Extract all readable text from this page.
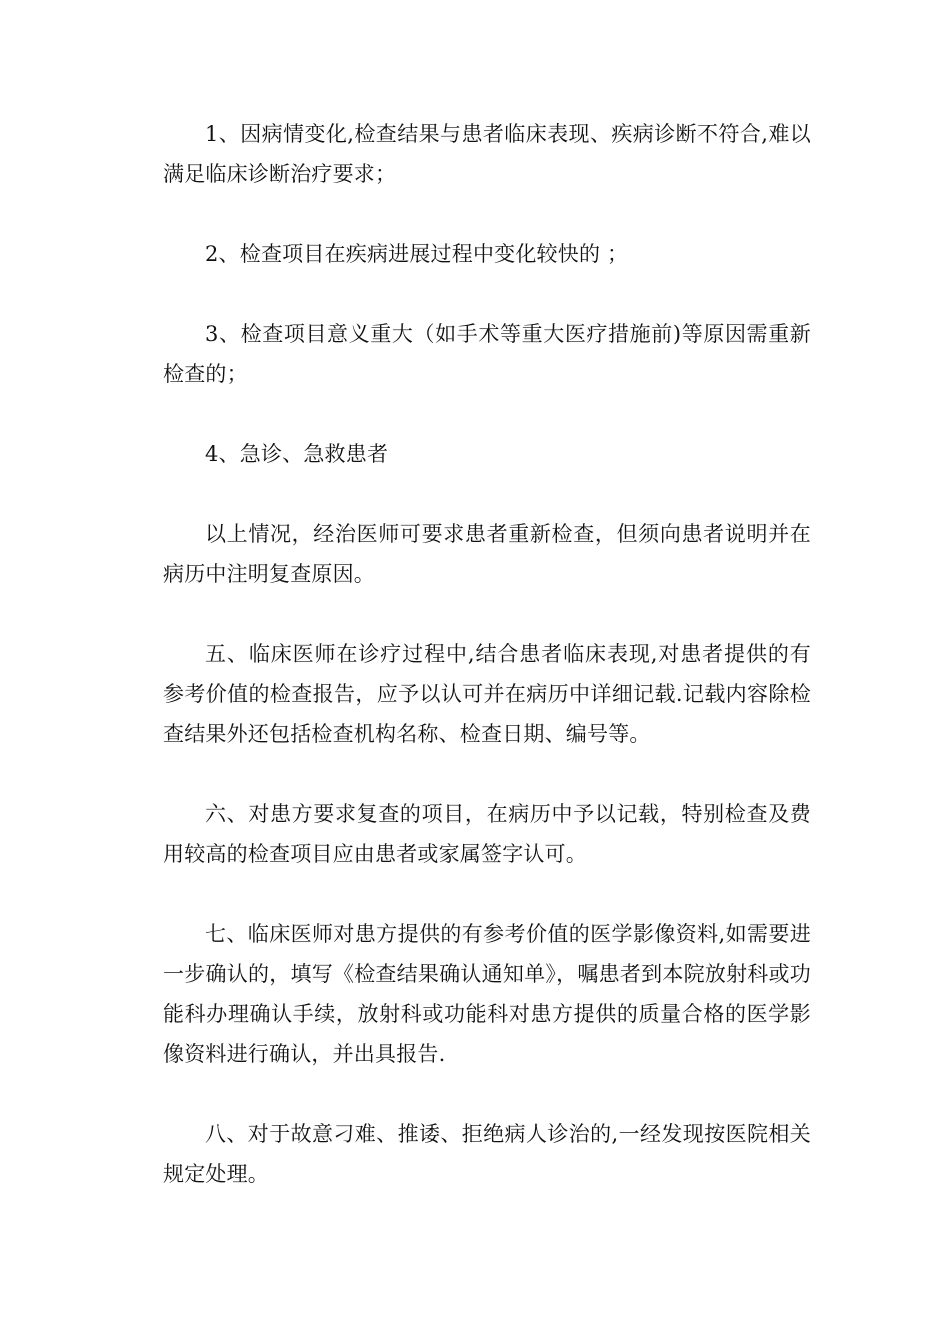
1、因病情变化,检查结果与患者临床表现、疾病诊断不符合,难以满足临床诊断治疗要求；

2、检查项目在疾病进展过程中变化较快的 ；

3、检查项目意义重大（如手术等重大医疗措施前)等原因需重新检查的；

4、急诊、急救患者

以上情况，经治医师可要求患者重新检查，但须向患者说明并在病历中注明复查原因。

五、临床医师在诊疗过程中,结合患者临床表现,对患者提供的有参考价值的检查报告，应予以认可并在病历中详细记载.记载内容除检查结果外还包括检查机构名称、检查日期、编号等。

六、对患方要求复查的项目，在病历中予以记载，特别检查及费用较高的检查项目应由患者或家属签字认可。

七、临床医师对患方提供的有参考价值的医学影像资料,如需要进一步确认的，填写《检查结果确认通知单》，嘱患者到本院放射科或功能科办理确认手续，放射科或功能科对患方提供的质量合格的医学影像资料进行确认，并出具报告.

八、对于故意刁难、推诿、拒绝病人诊治的,一经发现按医院相关规定处理。
